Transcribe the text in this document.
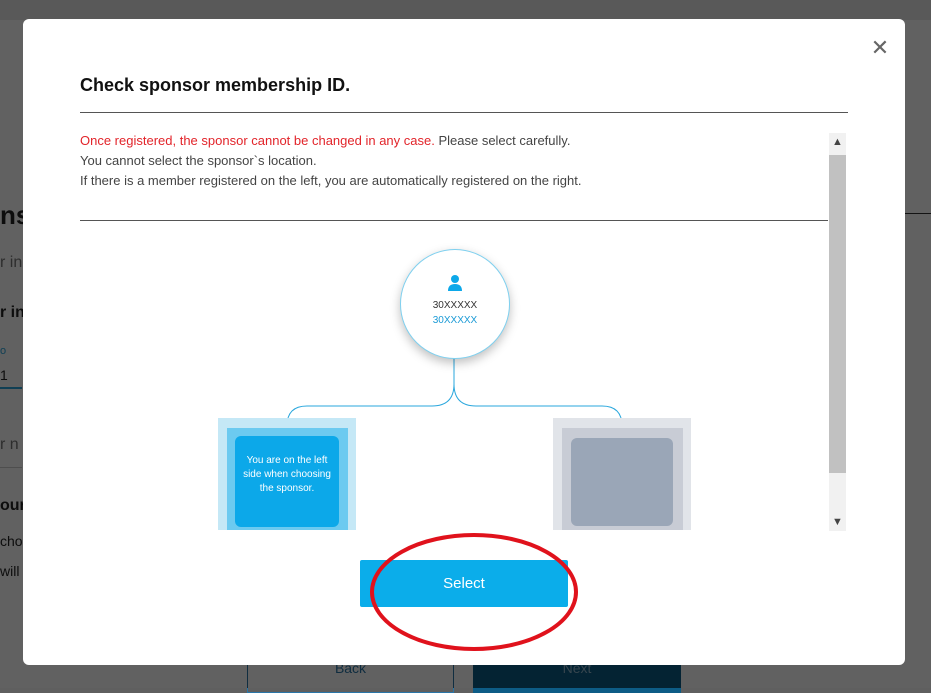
✕
Check sponsor membership ID.
Once registered, the sponsor cannot be changed in any case. Please select carefully.
You cannot select the sponsor`s location.
If there is a member registered on the left, you are automatically registered on the right.
▲
▼
30XXXXX
30XXXXX
You are on the left side when choosing the sponsor.
Select
